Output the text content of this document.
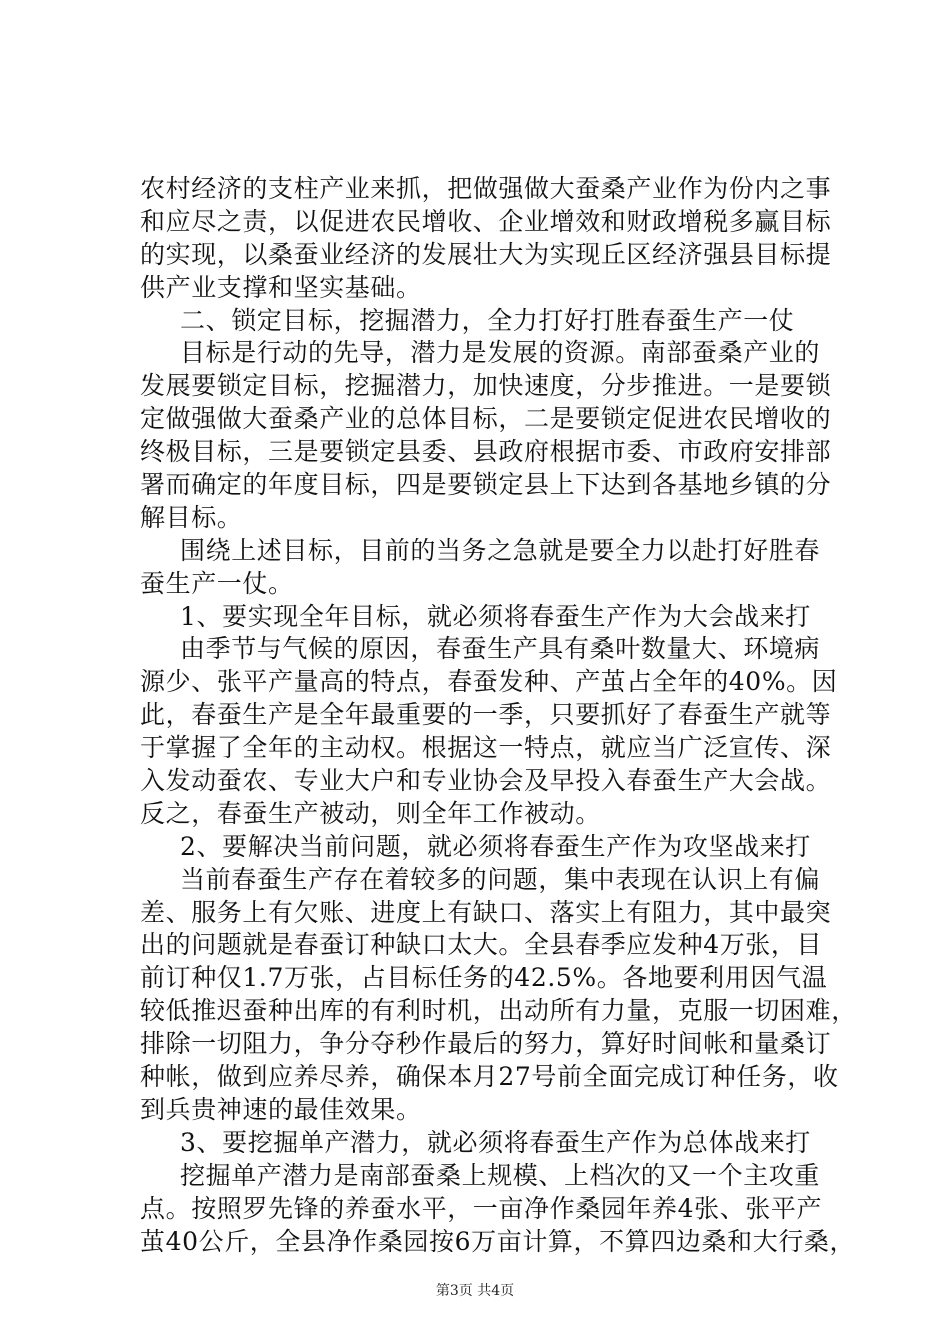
农村经济的支柱产业来抓，把做强做大蚕桑产业作为份内之事
和应尽之责，以促进农民增收、企业增效和财政增税多赢目标
的实现，以桑蚕业经济的发展壮大为实现丘区经济强县目标提
供产业支撑和坚实基础。
二、锁定目标，挖掘潜力，全力打好打胜春蚕生产一仗
目标是行动的先导，潜力是发展的资源。南部蚕桑产业的
发展要锁定目标，挖掘潜力，加快速度，分步推进。一是要锁
定做强做大蚕桑产业的总体目标，二是要锁定促进农民增收的
终极目标，三是要锁定县委、县政府根据市委、市政府安排部
署而确定的年度目标，四是要锁定县上下达到各基地乡镇的分
解目标。
围绕上述目标，目前的当务之急就是要全力以赴打好胜春
蚕生产一仗。
1、要实现全年目标，就必须将春蚕生产作为大会战来打
由季节与气候的原因，春蚕生产具有桑叶数量大、环境病
源少、张平产量高的特点，春蚕发种、产茧占全年的40%。因
此，春蚕生产是全年最重要的一季，只要抓好了春蚕生产就等
于掌握了全年的主动权。根据这一特点，就应当广泛宣传、深
入发动蚕农、专业大户和专业协会及早投入春蚕生产大会战。
反之，春蚕生产被动，则全年工作被动。
2、要解决当前问题，就必须将春蚕生产作为攻坚战来打
当前春蚕生产存在着较多的问题，集中表现在认识上有偏
差、服务上有欠账、进度上有缺口、落实上有阻力，其中最突
出的问题就是春蚕订种缺口太大。全县春季应发种4万张，目
前订种仅1.7万张，占目标任务的42.5%。各地要利用因气温
较低推迟蚕种出库的有利时机，出动所有力量，克服一切困难，
排除一切阻力，争分夺秒作最后的努力，算好时间帐和量桑订
种帐，做到应养尽养，确保本月27号前全面完成订种任务，收
到兵贵神速的最佳效果。
3、要挖掘单产潜力，就必须将春蚕生产作为总体战来打
挖掘单产潜力是南部蚕桑上规模、上档次的又一个主攻重
点。按照罗先锋的养蚕水平，一亩净作桑园年养4张、张平产
茧40公斤，全县净作桑园按6万亩计算，不算四边桑和大行桑，
第3页 共4页
